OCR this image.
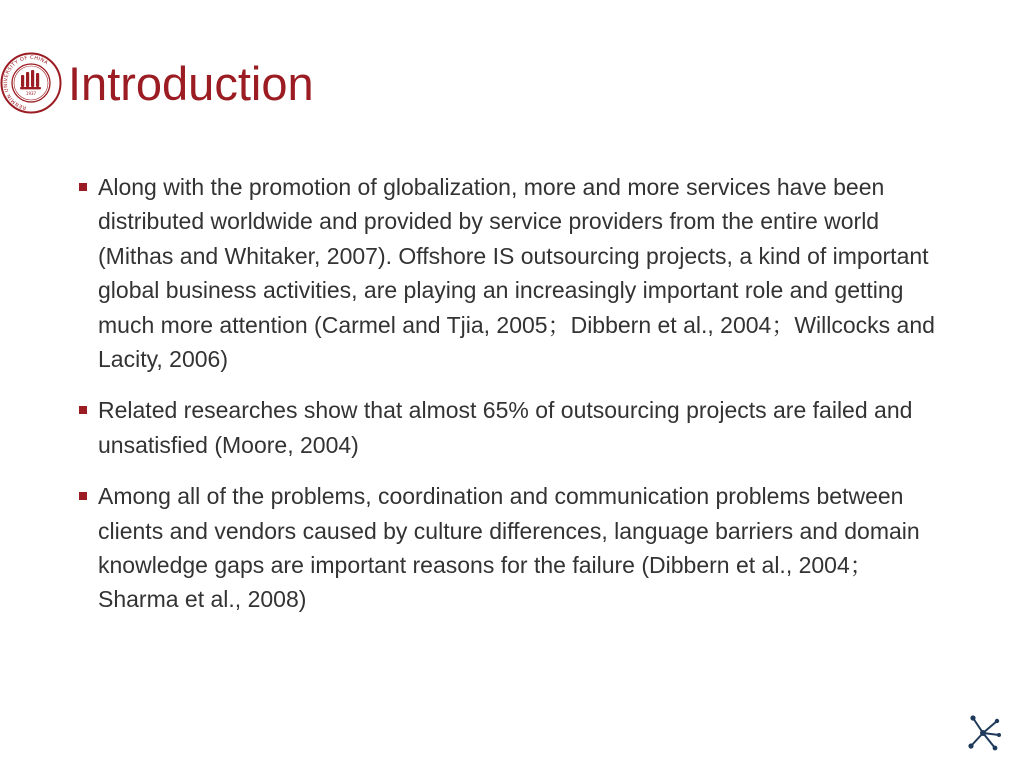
RENMIN UNIVERSITY OF CHINA
1937 Introduction
Along with the promotion of globalization, more and more services have been distributed worldwide and provided by service providers from the entire world (Mithas and Whitaker, 2007). Offshore IS outsourcing projects, a kind of important global business activities, are playing an increasingly important role and getting much more attention (Carmel and Tjia, 2005；Dibbern et al., 2004；Willcocks and Lacity, 2006)
Related researches show that almost 65% of outsourcing projects are failed and unsatisfied (Moore, 2004)
Among all of the problems, coordination and communication problems between clients and vendors caused by culture differences, language barriers and domain knowledge gaps are important reasons for the failure (Dibbern et al., 2004；Sharma et al., 2008)
